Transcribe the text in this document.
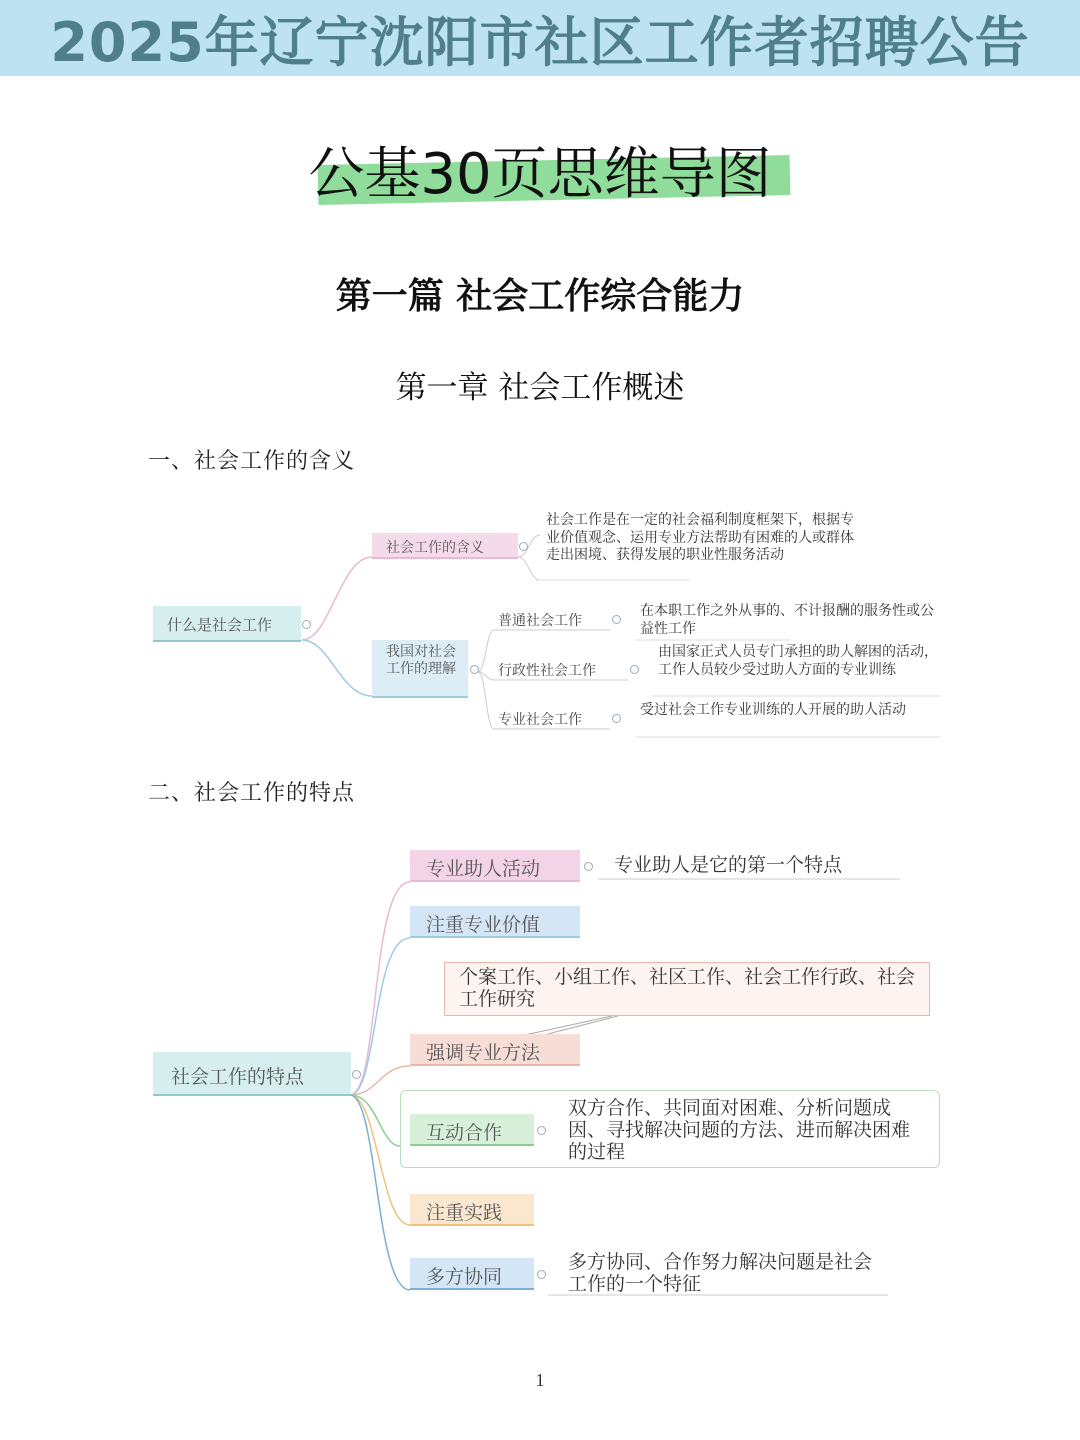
2025年辽宁沈阳市社区工作者招聘公告
公基30页思维导图
第一篇 社会工作综合能力
第一章 社会工作概述
一、社会工作的含义
什么是社会工作
社会工作的含义
社会工作是在一定的社会福利制度框架下，根据专业价值观念、运用专业方法帮助有困难的人或群体走出困境、获得发展的职业性服务活动
我国对社会工作的理解
普通社会工作
在本职工作之外从事的、不计报酬的服务性或公益性工作
行政性社会工作
由国家正式人员专门承担的助人解困的活动，工作人员较少受过助人方面的专业训练
专业社会工作
受过社会工作专业训练的人开展的助人活动
二、社会工作的特点
社会工作的特点
专业助人活动	专业助人是它的第一个特点
注重专业价值
个案工作、小组工作、社区工作、社会工作行政、社会工作研究
强调专业方法
互动合作
双方合作、共同面对困难、分析问题成因、寻找解决问题的方法、进而解决困难的过程
注重实践
多方协同
多方协同、合作努力解决问题是社会工作的一个特征
1
